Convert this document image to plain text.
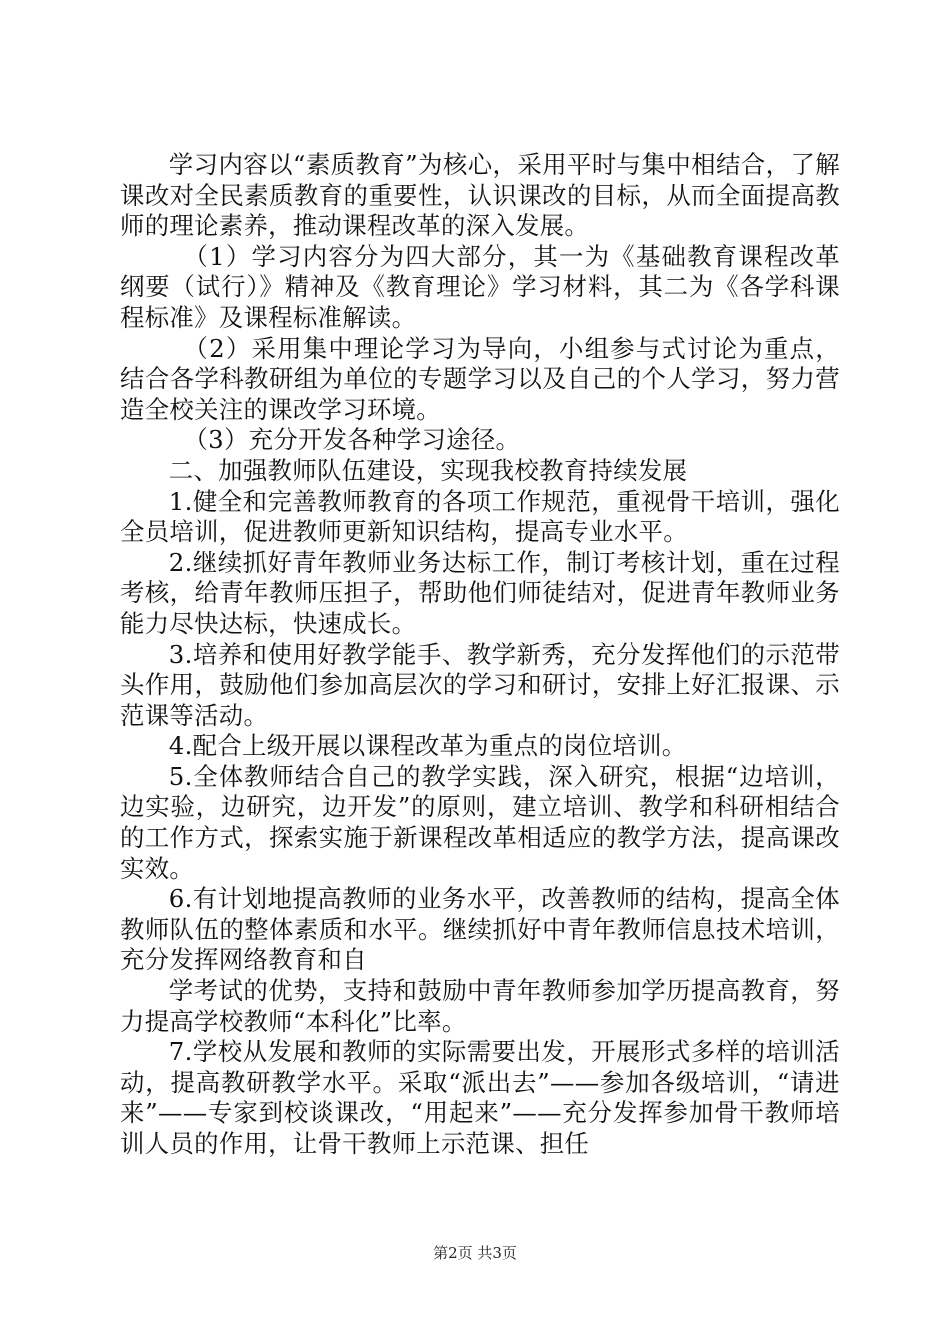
学习内容以“素质教育”为核心，采用平时与集中相结合，了解课改对全民素质教育的重要性，认识课改的目标，从而全面提高教师的理论素养，推动课程改革的深入发展。

（1）学习内容分为四大部分，其一为《基础教育课程改革纲要（试行）》精神及《教育理论》学习材料，其二为《各学科课程标准》及课程标准解读。

（2）采用集中理论学习为导向，小组参与式讨论为重点，结合各学科教研组为单位的专题学习以及自己的个人学习，努力营造全校关注的课改学习环境。

（3）充分开发各种学习途径。

二、加强教师队伍建设，实现我校教育持续发展

1.健全和完善教师教育的各项工作规范，重视骨干培训，强化全员培训，促进教师更新知识结构，提高专业水平。

2.继续抓好青年教师业务达标工作，制订考核计划，重在过程考核，给青年教师压担子，帮助他们师徒结对，促进青年教师业务能力尽快达标，快速成长。

3.培养和使用好教学能手、教学新秀，充分发挥他们的示范带头作用，鼓励他们参加高层次的学习和研讨，安排上好汇报课、示范课等活动。

4.配合上级开展以课程改革为重点的岗位培训。

5.全体教师结合自己的教学实践，深入研究，根据“边培训，边实验，边研究，边开发”的原则，建立培训、教学和科研相结合的工作方式，探索实施于新课程改革相适应的教学方法，提高课改实效。

6.有计划地提高教师的业务水平，改善教师的结构，提高全体教师队伍的整体素质和水平。继续抓好中青年教师信息技术培训，充分发挥网络教育和自

学考试的优势，支持和鼓励中青年教师参加学历提高教育，努力提高学校教师“本科化”比率。

7.学校从发展和教师的实际需要出发，开展形式多样的培训活动，提高教研教学水平。采取“派出去”——参加各级培训，“请进来”——专家到校谈课改，“用起来”——充分发挥参加骨干教师培训人员的作用，让骨干教师上示范课、担任

第2页 共3页
